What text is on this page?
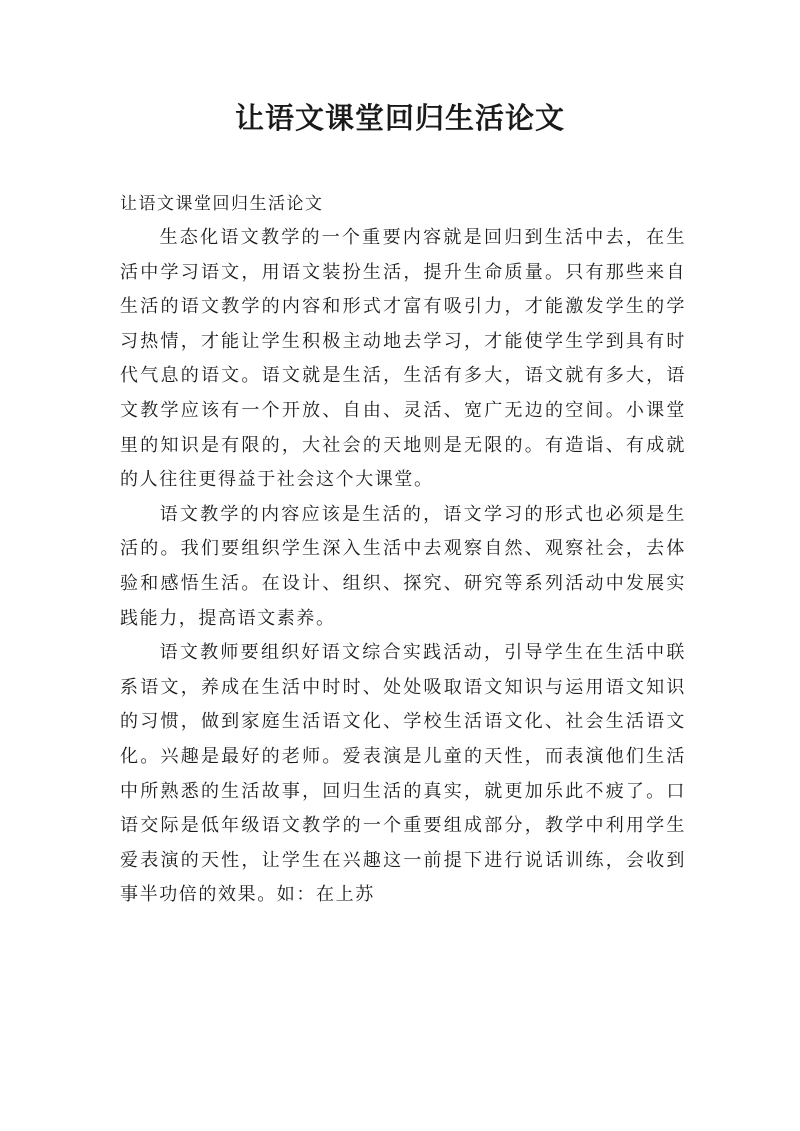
让语文课堂回归生活论文

让语文课堂回归生活论文

生态化语文教学的一个重要内容就是回归到生活中去，在生活中学习语文，用语文装扮生活，提升生命质量。只有那些来自生活的语文教学的内容和形式才富有吸引力，才能激发学生的学习热情，才能让学生积极主动地去学习，才能使学生学到具有时代气息的语文。语文就是生活，生活有多大，语文就有多大，语文教学应该有一个开放、自由、灵活、宽广无边的空间。小课堂里的知识是有限的，大社会的天地则是无限的。有造诣、有成就的人往往更得益于社会这个大课堂。

语文教学的内容应该是生活的，语文学习的形式也必须是生活的。我们要组织学生深入生活中去观察自然、观察社会，去体验和感悟生活。在设计、组织、探究、研究等系列活动中发展实践能力，提高语文素养。

语文教师要组织好语文综合实践活动，引导学生在生活中联系语文，养成在生活中时时、处处吸取语文知识与运用语文知识的习惯，做到家庭生活语文化、学校生活语文化、社会生活语文化。兴趣是最好的老师。爱表演是儿童的天性，而表演他们生活中所熟悉的生活故事，回归生活的真实，就更加乐此不疲了。口语交际是低年级语文教学的一个重要组成部分，教学中利用学生爱表演的天性，让学生在兴趣这一前提下进行说话训练，会收到事半功倍的效果。如：在上苏
